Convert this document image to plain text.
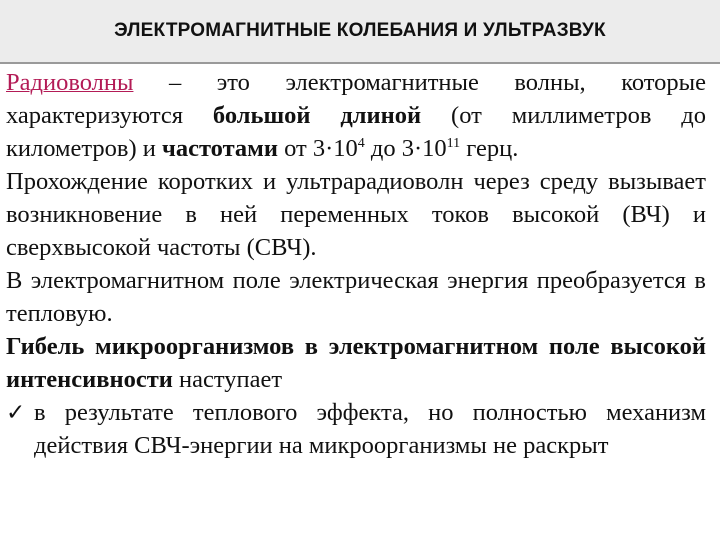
ЭЛЕКТРОМАГНИТНЫЕ КОЛЕБАНИЯ И УЛЬТРАЗВУК

Радиоволны – это электромагнитные волны, которые характеризуются большой длиной (от миллиметров до километров) и частотами от $3\cdot 10^4$ до $3\cdot 10^{11}$ герц.

Прохождение коротких и ультрарадиоволн через среду вызывает возникновение в ней переменных токов высокой (ВЧ) и сверхвысокой частоты (СВЧ).

В электромагнитном поле электрическая энергия преобразуется в тепловую.

Гибель микроорганизмов в электромагнитном поле высокой интенсивности наступает

✓ в результате теплового эффекта, но полностью механизм действия СВЧ-энергии на микроорганизмы не раскрыт
